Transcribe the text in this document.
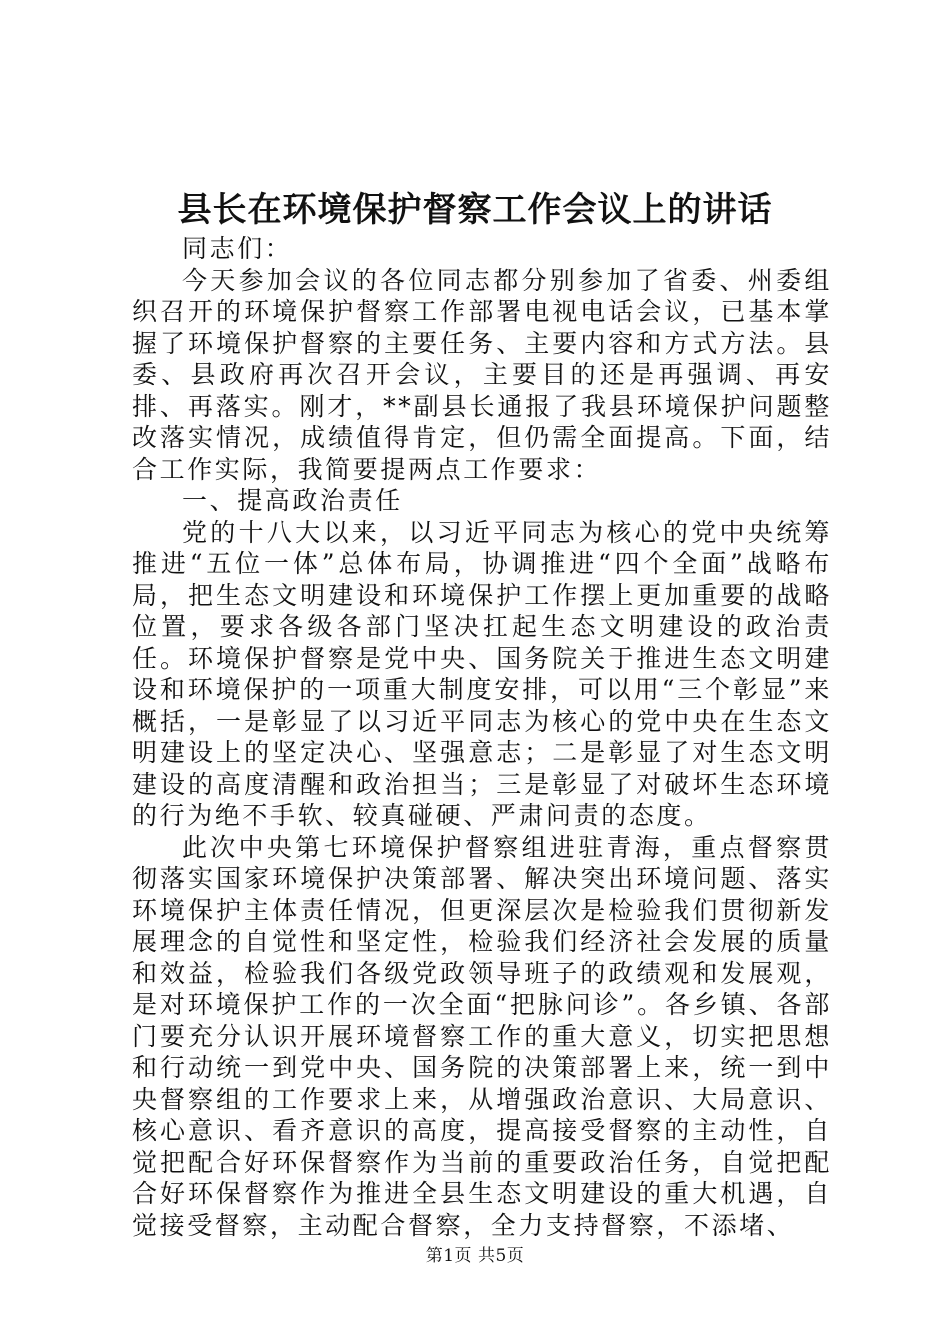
县长在环境保护督察工作会议上的讲话

同志们：

今天参加会议的各位同志都分别参加了省委、州委组织召开的环境保护督察工作部署电视电话会议，已基本掌握了环境保护督察的主要任务、主要内容和方式方法。县委、县政府再次召开会议，主要目的还是再强调、再安排、再落实。刚才，**副县长通报了我县环境保护问题整改落实情况，成绩值得肯定，但仍需全面提高。下面，结合工作实际，我简要提两点工作要求：

一、提高政治责任

党的十八大以来，以习近平同志为核心的党中央统筹推进“五位一体”总体布局，协调推进“四个全面”战略布局，把生态文明建设和环境保护工作摆上更加重要的战略位置，要求各级各部门坚决扛起生态文明建设的政治责任。环境保护督察是党中央、国务院关于推进生态文明建设和环境保护的一项重大制度安排，可以用“三个彰显”来概括，一是彰显了以习近平同志为核心的党中央在生态文明建设上的坚定决心、坚强意志；二是彰显了对生态文明建设的高度清醒和政治担当；三是彰显了对破坏生态环境的行为绝不手软、较真碰硬、严肃问责的态度。

此次中央第七环境保护督察组进驻青海，重点督察贯彻落实国家环境保护决策部署、解决突出环境问题、落实环境保护主体责任情况，但更深层次是检验我们贯彻新发展理念的自觉性和坚定性，检验我们经济社会发展的质量和效益，检验我们各级党政领导班子的政绩观和发展观，是对环境保护工作的一次全面“把脉问诊”。各乡镇、各部门要充分认识开展环境督察工作的重大意义，切实把思想和行动统一到党中央、国务院的决策部署上来，统一到中央督察组的工作要求上来，从增强政治意识、大局意识、核心意识、看齐意识的高度，提高接受督察的主动性，自觉把配合好环保督察作为当前的重要政治任务，自觉把配合好环保督察作为推进全县生态文明建设的重大机遇，自觉接受督察，主动配合督察，全力支持督察，不添堵、

第1页 共5页
